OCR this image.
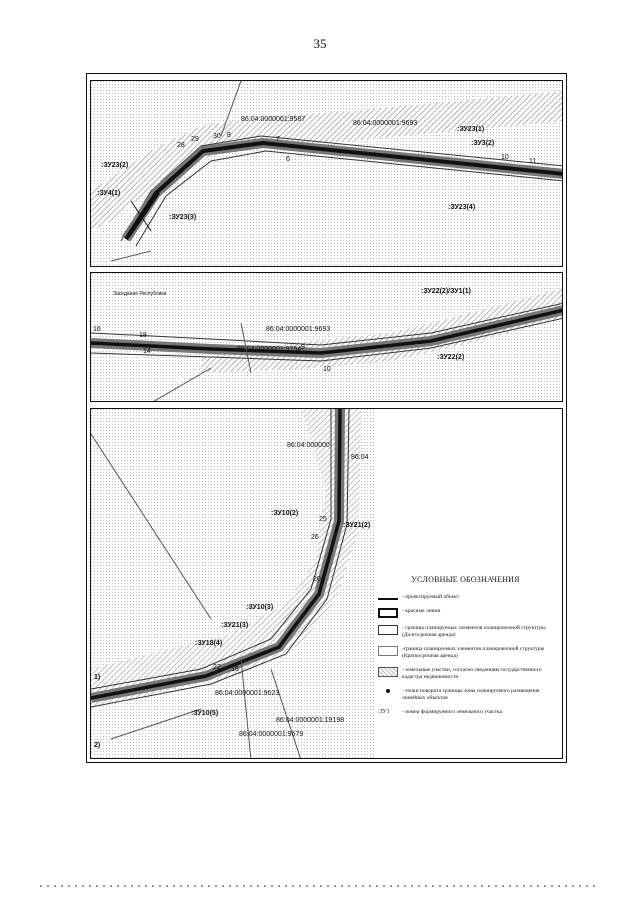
35
86:04:0000001:9587
86:04:0000001:9693
:ЗУ23(2)
:ЗУ4(1)
:ЗУ23(3)
:ЗУ23(1)
:ЗУ3(2)
:ЗУ23(4)
30
29
28
8
7
6	10
11
Заседание Республики
86:04:0000001:9693
86:04:0000001:9754
:ЗУ22(2)/ЗУ1(1)
:ЗУ22(2)
16
18
14
9
10
86:04:000000
86:04
86:04:0000001:9623
86:04:0000001:19198
86:04:0000001:9679
:ЗУ10(2)
:ЗУ21(2)
:ЗУ10(3)
:ЗУ21(3)
:ЗУ18(4)
:ЗУ10(5)
25
26
20
16
22
1)
2)
УСЛОВНЫЕ ОБОЗНАЧЕНИЯ
- проектируемый объект
- красные линии
- граница планируемых элементов планировочной структуры (Долгосрочная аренда)
-граница планируемых элементов планировочной структуры (Краткосрочная аренда)
- земельные участки, согласно сведениям государственного кадастра недвижимости
- точки поворота границы зоны планируемого размещения линейных объектов
:ЗУ1	- номер формируемого земельного участка
